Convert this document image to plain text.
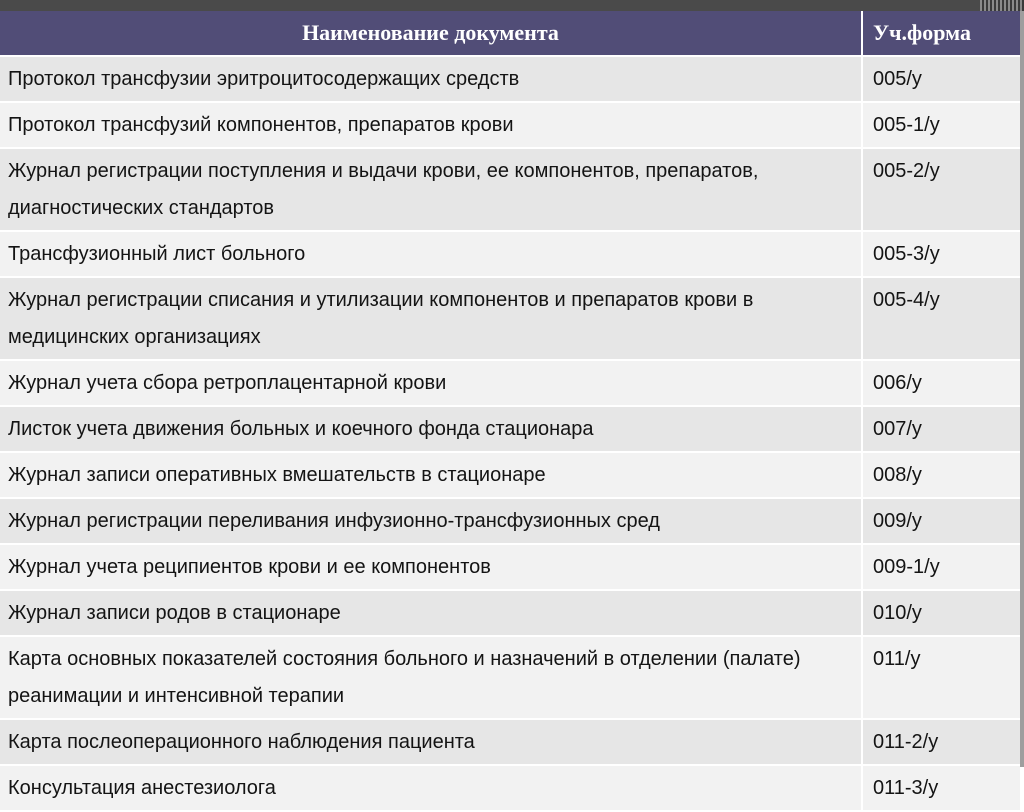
Наименование документа	Уч.форма
Протокол трансфузии эритроцитосодержащих средств	005/у
Протокол трансфузий компонентов, препаратов крови	005-1/у
Журнал регистрации поступления и выдачи крови, ее компонентов, препаратов, диагностических стандартов	005-2/у
Трансфузионный лист больного	005-3/у
Журнал регистрации списания и утилизации компонентов и препаратов крови в медицинских организациях	005-4/у
Журнал учета сбора ретроплацентарной крови	006/у
Листок учета движения больных и коечного фонда стационара	007/у
Журнал записи оперативных вмешательств в стационаре	008/у
Журнал регистрации переливания инфузионно-трансфузионных сред	009/у
Журнал учета реципиентов крови и ее компонентов	009-1/у
Журнал записи родов в стационаре	010/у
Карта основных показателей состояния больного и назначений в отделении (палате) реанимации и интенсивной терапии	011/у
Карта послеоперационного наблюдения пациента	011-2/у
Консультация анестезиолога	011-3/у
